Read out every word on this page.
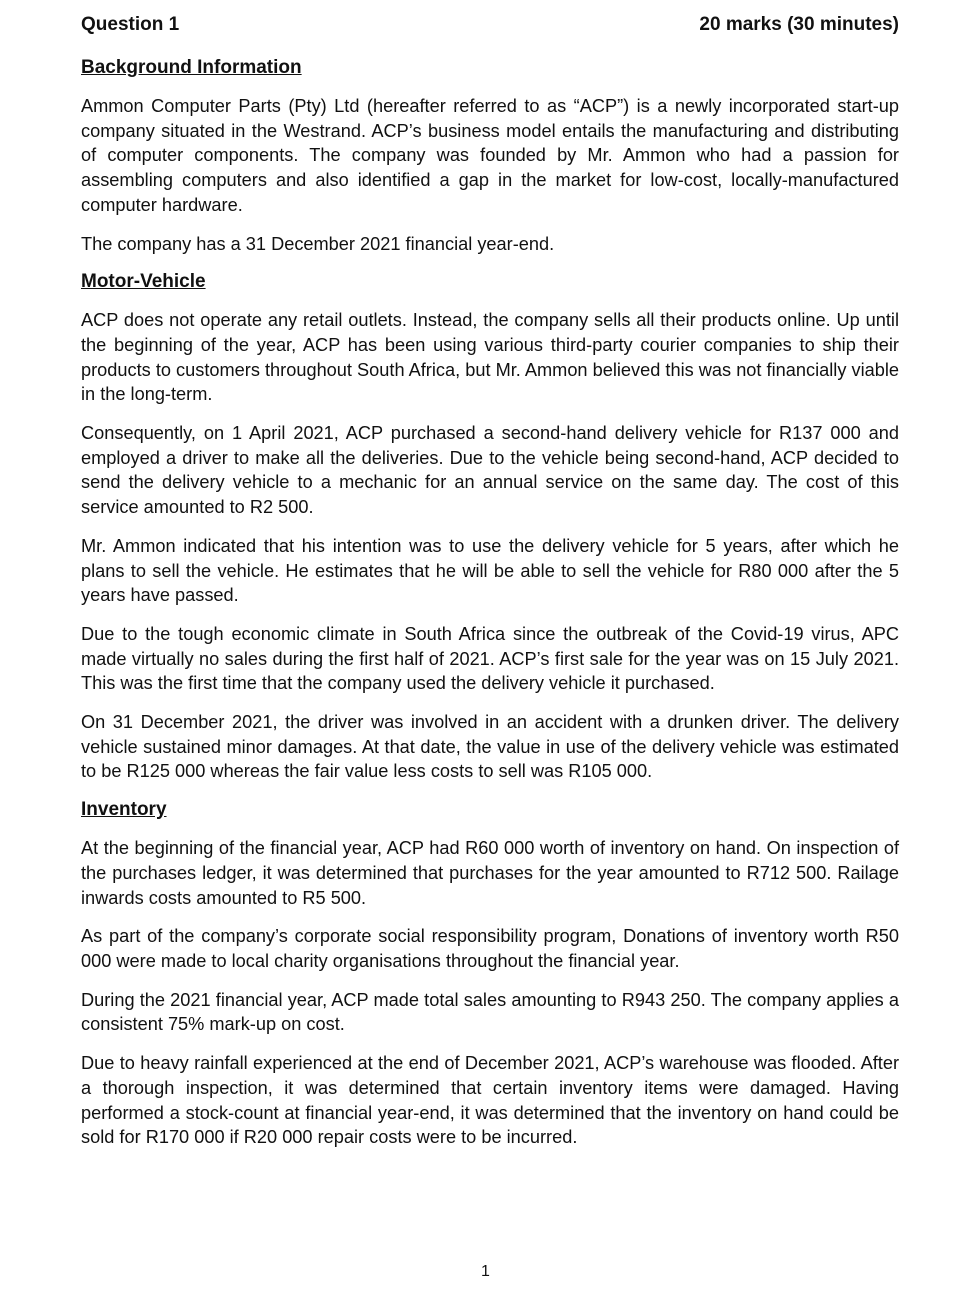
Question 1	20 marks (30 minutes)
Background Information

Ammon Computer Parts (Pty) Ltd (hereafter referred to as “ACP”) is a newly incorporated start-up company situated in the Westrand. ACP’s business model entails the manufacturing and distributing of computer components. The company was founded by Mr. Ammon who had a passion for assembling computers and also identified a gap in the market for low-cost, locally-manufactured computer hardware.

The company has a 31 December 2021 financial year-end.

Motor-Vehicle

ACP does not operate any retail outlets. Instead, the company sells all their products online. Up until the beginning of the year, ACP has been using various third-party courier companies to ship their products to customers throughout South Africa, but Mr. Ammon believed this was not financially viable in the long-term.

Consequently, on 1 April 2021, ACP purchased a second-hand delivery vehicle for R137 000 and employed a driver to make all the deliveries. Due to the vehicle being second-hand, ACP decided to send the delivery vehicle to a mechanic for an annual service on the same day. The cost of this service amounted to R2 500.

Mr. Ammon indicated that his intention was to use the delivery vehicle for 5 years, after which he plans to sell the vehicle. He estimates that he will be able to sell the vehicle for R80 000 after the 5 years have passed.

Due to the tough economic climate in South Africa since the outbreak of the Covid-19 virus, APC made virtually no sales during the first half of 2021. ACP’s first sale for the year was on 15 July 2021. This was the first time that the company used the delivery vehicle it purchased.

On 31 December 2021, the driver was involved in an accident with a drunken driver. The delivery vehicle sustained minor damages. At that date, the value in use of the delivery vehicle was estimated to be R125 000 whereas the fair value less costs to sell was R105 000.

Inventory

At the beginning of the financial year, ACP had R60 000 worth of inventory on hand. On inspection of the purchases ledger, it was determined that purchases for the year amounted to R712 500. Railage inwards costs amounted to R5 500.

As part of the company’s corporate social responsibility program, Donations of inventory worth R50 000 were made to local charity organisations throughout the financial year.

During the 2021 financial year, ACP made total sales amounting to R943 250. The company applies a consistent 75% mark-up on cost.

Due to heavy rainfall experienced at the end of December 2021, ACP’s warehouse was flooded. After a thorough inspection, it was determined that certain inventory items were damaged. Having performed a stock-count at financial year-end, it was determined that the inventory on hand could be sold for R170 000 if R20 000 repair costs were to be incurred.

1
